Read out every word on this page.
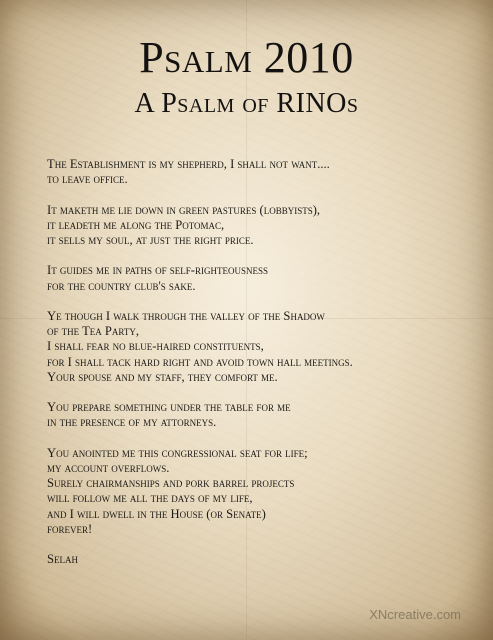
Psalm 2010
A Psalm of RINOs
The Establishment is my shepherd, I shall not want....
to leave office.
It maketh me lie down in green pastures (lobbyists),
it leadeth me along the Potomac,
it sells my soul, at just the right price.
It guides me in paths of self-righteousness
for the country club's sake.
Ye though I walk through the valley of the Shadow
of the Tea Party,
I shall fear no blue-haired constituents,
for I shall tack hard right and avoid town hall meetings.
Your spouse and my staff, they comfort me.
You prepare something under the table for me
in the presence of my attorneys.
You anointed me this congressional seat for life;
my account overflows.
Surely chairmanships and pork barrel projects
will follow me all the days of my life,
and I will dwell in the House (or Senate)
forever!
Selah
XNcreative.com
